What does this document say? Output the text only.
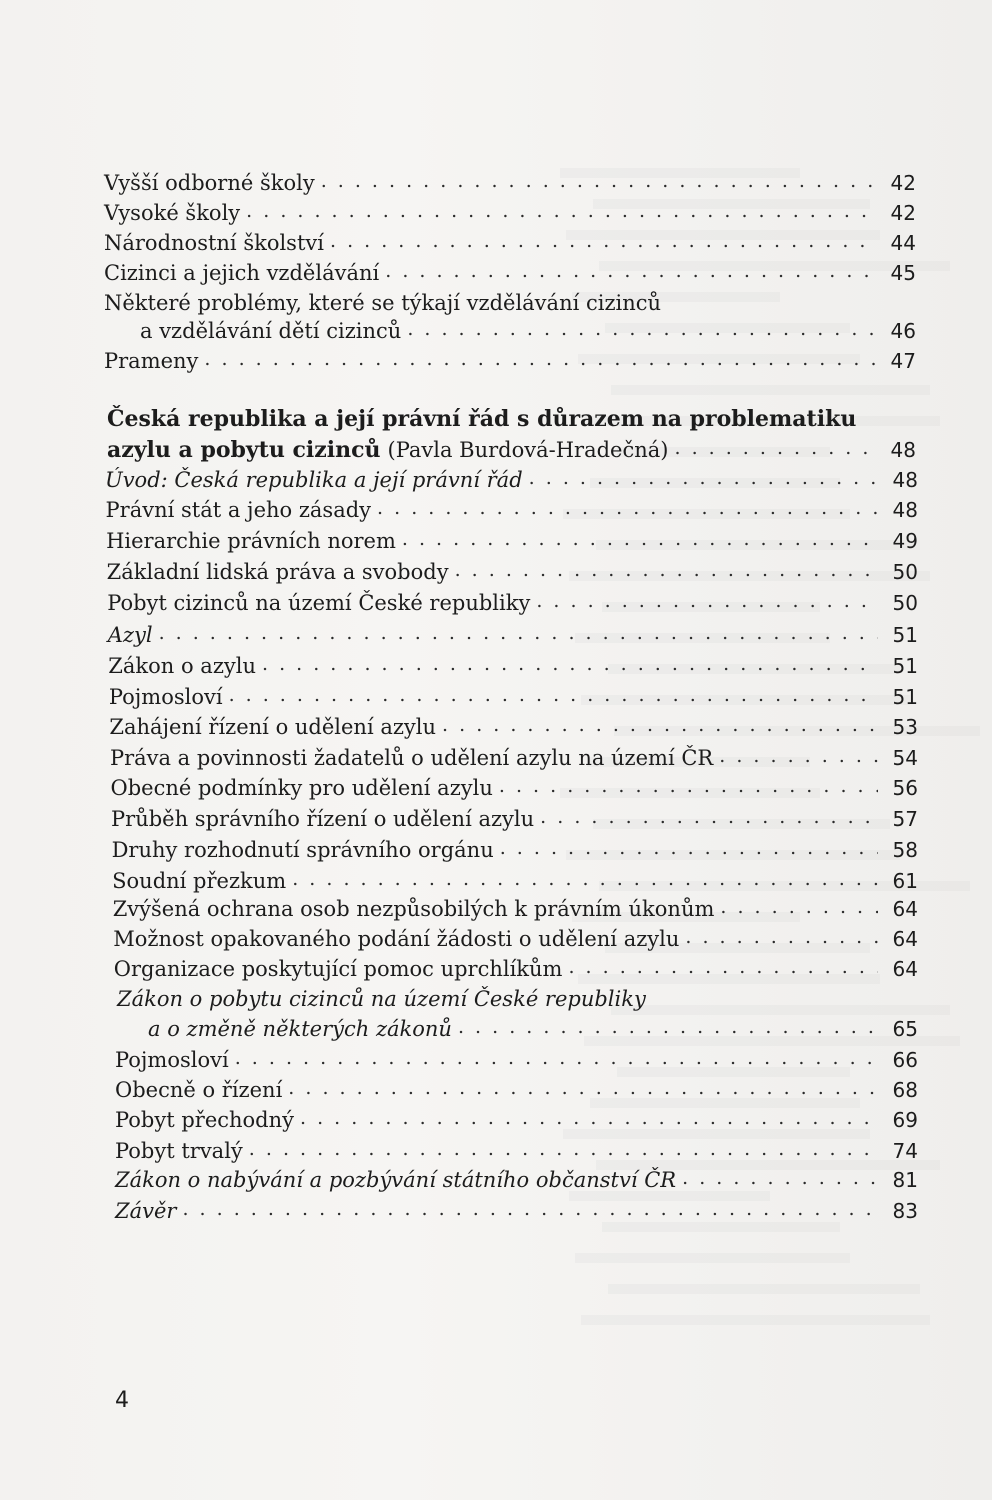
Vyšší odborné školy . . .	42
Vysoké školy . . .	42
Národnostní školství . . .	44
Cizinci a jejich vzdělávání . . .	45
Některé problémy, které se týkají vzdělávání cizinců
a vzdělávání dětí cizinců . . .	46
Prameny . . .	47
Česká republika a její právní řád s důrazem na problematiku
azylu a pobytu cizinců (Pavla Burdová-Hradečná) . . .	48
Úvod: Česká republika a její právní řád . . .	48
Právní stát a jeho zásady . . .	48
Hierarchie právních norem . . .	49
Základní lidská práva a svobody . . .	50
Pobyt cizinců na území České republiky . . .	50
Azyl . . .	51
Zákon o azylu . . .	51
Pojmosloví . . .	51
Zahájení řízení o udělení azylu . . .	53
Práva a povinnosti žadatelů o udělení azylu na území ČR . . .	54
Obecné podmínky pro udělení azylu . . .	56
Průběh správního řízení o udělení azylu . . .	57
Druhy rozhodnutí správního orgánu . . .	58
Soudní přezkum . . .	61
Zvýšená ochrana osob nezpůsobilých k právním úkonům . . .	64
Možnost opakovaného podání žádosti o udělení azylu . . .	64
Organizace poskytující pomoc uprchlíkům . . .	64
Zákon o pobytu cizinců na území České republiky
a o změně některých zákonů . . .	65
Pojmosloví . . .	66
Obecně o řízení . . .	68
Pobyt přechodný . . .	69
Pobyt trvalý . . .	74
Zákon o nabývání a pozbývání státního občanství ČR . . .	81
Závěr . . .	83
4
